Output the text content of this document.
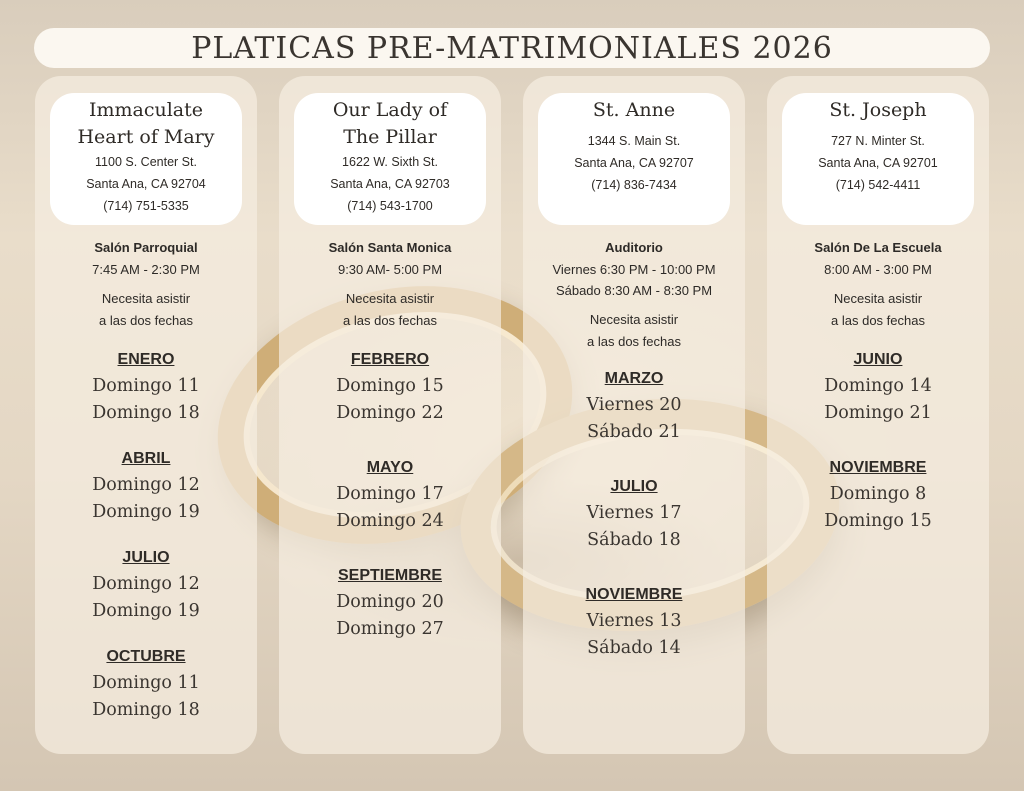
PLATICAS PRE-MATRIMONIALES 2026
Immaculate
Heart of Mary
1100 S. Center St.
Santa Ana, CA 92704
(714) 751-5335
Salón Parroquial
7:45 AM - 2:30 PM
Necesita asistir
a las dos fechas
ENERO
Domingo 11
Domingo 18
ABRIL
Domingo 12
Domingo 19
JULIO
Domingo 12
Domingo 19
OCTUBRE
Domingo 11
Domingo 18
Our Lady of
The Pillar
1622 W. Sixth St.
Santa Ana, CA 92703
(714) 543-1700
Salón Santa Monica
9:30 AM- 5:00 PM
Necesita asistir
a las dos fechas
FEBRERO
Domingo 15
Domingo 22
MAYO
Domingo 17
Domingo 24
SEPTIEMBRE
Domingo 20
Domingo 27
St. Anne
1344 S. Main St.
Santa Ana, CA 92707
(714) 836-7434
Auditorio
Viernes 6:30 PM - 10:00 PM
Sábado 8:30 AM - 8:30 PM
Necesita asistir
a las dos fechas
MARZO
Viernes 20
Sábado 21
JULIO
Viernes 17
Sábado 18
NOVIEMBRE
Viernes 13
Sábado 14
St. Joseph
727 N. Minter St.
Santa Ana, CA 92701
(714) 542-4411
Salón De La Escuela
8:00 AM - 3:00 PM
Necesita asistir
a las dos fechas
JUNIO
Domingo 14
Domingo 21
NOVIEMBRE
Domingo 8
Domingo 15
